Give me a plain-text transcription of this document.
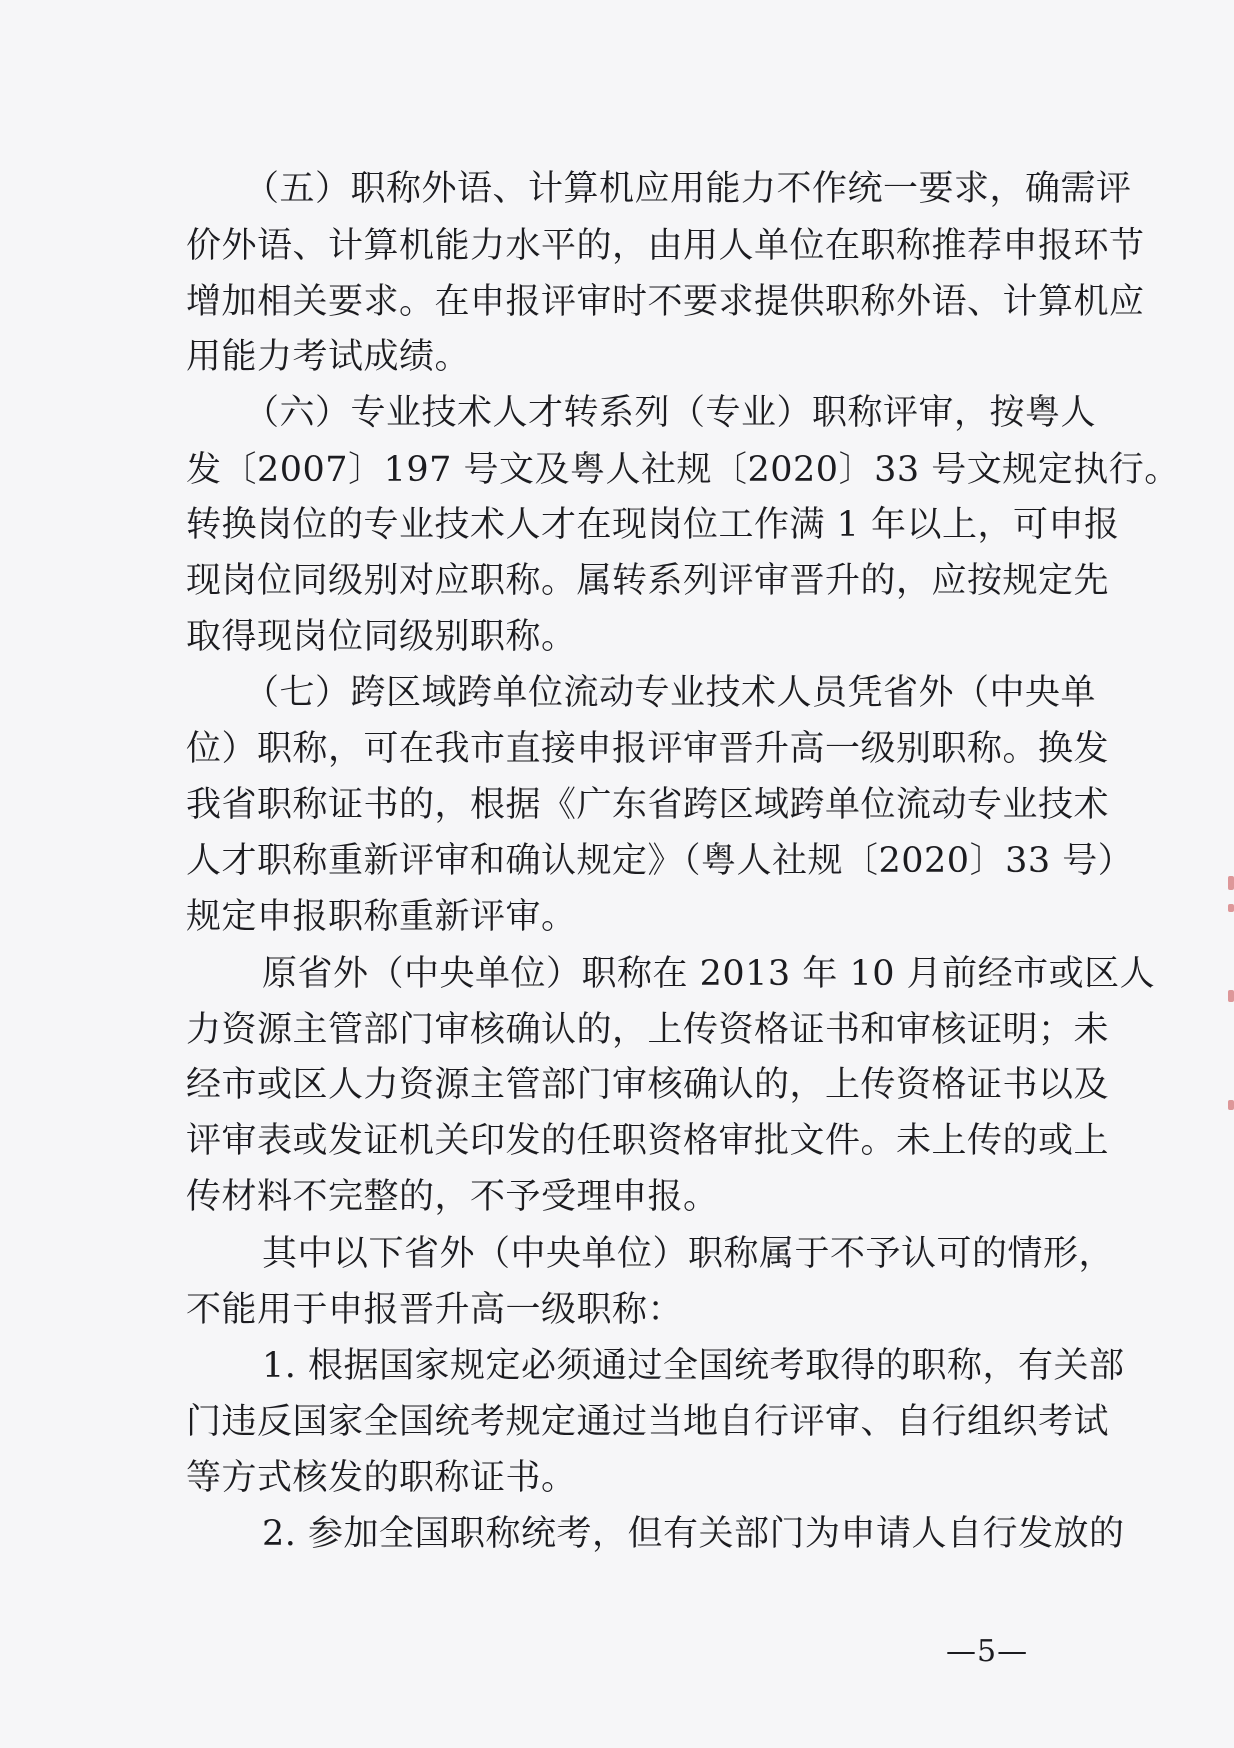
（五）职称外语、计算机应用能力不作统一要求，确需评
价外语、计算机能力水平的，由用人单位在职称推荐申报环节
增加相关要求。在申报评审时不要求提供职称外语、计算机应
用能力考试成绩。
（六）专业技术人才转系列（专业）职称评审，按粤人
发〔2007〕197 号文及粤人社规〔2020〕33 号文规定执行。
转换岗位的专业技术人才在现岗位工作满 1 年以上，可申报
现岗位同级别对应职称。属转系列评审晋升的，应按规定先
取得现岗位同级别职称。
（七）跨区域跨单位流动专业技术人员凭省外（中央单
位）职称，可在我市直接申报评审晋升高一级别职称。换发
我省职称证书的，根据《广东省跨区域跨单位流动专业技术
人才职称重新评审和确认规定》（粤人社规〔2020〕33 号）
规定申报职称重新评审。
原省外（中央单位）职称在 2013 年 10 月前经市或区人
力资源主管部门审核确认的，上传资格证书和审核证明；未
经市或区人力资源主管部门审核确认的，上传资格证书以及
评审表或发证机关印发的任职资格审批文件。未上传的或上
传材料不完整的，不予受理申报。
其中以下省外（中央单位）职称属于不予认可的情形，
不能用于申报晋升高一级职称：
1. 根据国家规定必须通过全国统考取得的职称，有关部
门违反国家全国统考规定通过当地自行评审、自行组织考试
等方式核发的职称证书。
2. 参加全国职称统考，但有关部门为申请人自行发放的
—5—
